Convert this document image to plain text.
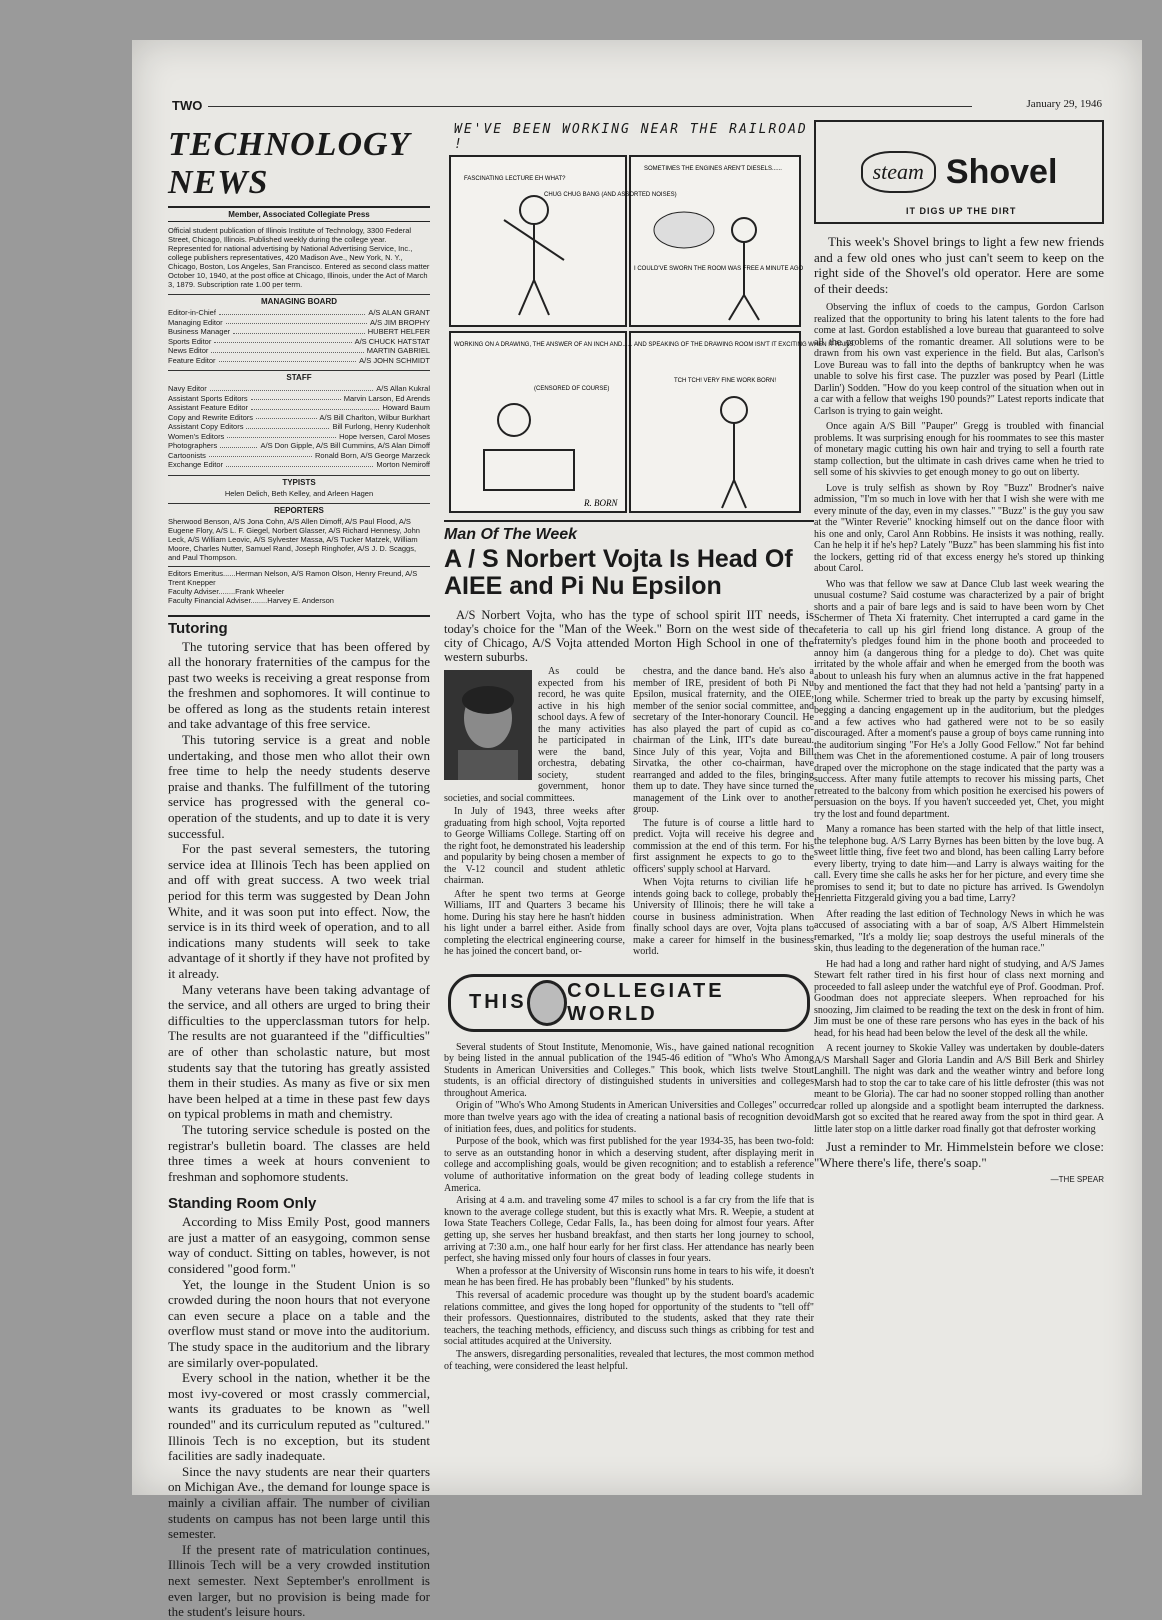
TWO	January 29, 1946
TECHNOLOGY NEWS
Member, Associated Collegiate Press
Official student publication of Illinois Institute of Technology, 3300 Federal Street, Chicago, Illinois. Published weekly during the college year. Represented for national advertising by National Advertising Service, Inc., college publishers representatives, 420 Madison Ave., New York, N. Y., Chicago, Boston, Los Angeles, San Francisco. Entered as second class matter October 10, 1940, at the post office at Chicago, Illinois, under the Act of March 3, 1879. Subscription rate 1.00 per term.
MANAGING BOARD
Editor-in-Chief	A/S ALAN GRANT
Managing Editor	A/S JIM BROPHY
Business Manager	HUBERT HELFER
Sports Editor	A/S CHUCK HATSTAT
News Editor	MARTIN GABRIEL
Feature Editor	A/S JOHN SCHMIDT
STAFF
Navy Editor	A/S Allan Kukral
Assistant Sports Editors	Marvin Larson, Ed Arends
Assistant Feature Editor	Howard Baum
Copy and Rewrite Editors	A/S Bill Charlton, Wilbur Burkhart
Assistant Copy Editors	Bill Furlong, Henry Kudenholt
Women's Editors	Hope Iversen, Carol Moses
Photographers	A/S Don Gipple, A/S Bill Cummins, A/S Alan Dimoff
Cartoonists	Ronald Born, A/S George Marzeck
Exchange Editor	Morton Nemiroff
TYPISTS
Helen Delich, Beth Kelley, and Arleen Hagen
REPORTERS
Sherwood Benson, A/S Jona Cohn, A/S Allen Dimoff, A/S Paul Flood, A/S Eugene Flory, A/S L. F. Giegel, Norbert Glasser, A/S Richard Hennesy, John Leck, A/S William Leovic, A/S Sylvester Massa, A/S Tucker Matzek, William Moore, Charles Nutter, Samuel Rand, Joseph Ringhofer, A/S J. D. Scaggs, and Paul Thompson.
Editors Emeritus......Herman Nelson, A/S Ramon Olson, Henry Freund, A/S Trent Knepper
Faculty Adviser........Frank Wheeler
Faculty Financial Adviser........Harvey E. Anderson
Tutoring

The tutoring service that has been offered by all the honorary fraternities of the campus for the past two weeks is receiving a great response from the freshmen and sophomores. It will continue to be offered as long as the students retain interest and take advantage of this free service.

This tutoring service is a great and noble undertaking, and those men who allot their own free time to help the needy students deserve praise and thanks. The fulfillment of the tutoring service has progressed with the general co-operation of the students, and up to date it is very successful.

For the past several semesters, the tutoring service idea at Illinois Tech has been applied on and off with great success. A two week trial period for this term was suggested by Dean John White, and it was soon put into effect. Now, the service is in its third week of operation, and to all indications many students will seek to take advantage of it shortly if they have not profited by it already.

Many veterans have been taking advantage of the service, and all others are urged to bring their difficulties to the upperclassman tutors for help. The results are not guaranteed if the "difficulties" are of other than scholastic nature, but most students say that the tutoring has greatly assisted them in their studies. As many as five or six men have been helped at a time in these past few days on typical problems in math and chemistry.

The tutoring service schedule is posted on the registrar's bulletin board. The classes are held three times a week at hours convenient to freshman and sophomore students.

Standing Room Only

According to Miss Emily Post, good manners are just a matter of an easygoing, common sense way of conduct. Sitting on tables, however, is not considered "good form."

Yet, the lounge in the Student Union is so crowded during the noon hours that not everyone can even secure a place on a table and the overflow must stand or move into the auditorium. The study space in the auditorium and the library are similarly over-populated.

Every school in the nation, whether it be the most ivy-covered or most crassly commercial, wants its graduates to be known as "well rounded" and its curriculum reputed as "cultured." Illinois Tech is no exception, but its student facilities are sadly inadequate.

Since the navy students are near their quarters on Michigan Ave., the demand for lounge space is mainly a civilian affair. The number of civilian students on campus has not been large until this semester.

If the present rate of matriculation continues, Illinois Tech will be a very crowded institution next semester. Next September's enrollment is even larger, but no provision is being made for the student's leisure hours.

FASCINATING LECTURE EH WHAT?
CHUG CHUG BANG (AND ASSORTED NOISES)
SOMETIMES THE ENGINES AREN'T DIESELS......
I COULD'VE SWORN THE ROOM WAS FREE A MINUTE AGO
WORKING ON A DRAWING, THE ANSWER OF AN INCH AND......
(CENSORED OF COURSE)
AND SPEAKING OF THE DRAWING ROOM ISN'T IT EXCITING WHEN IT RAINS.
TCH TCH! VERY FINE WORK BORN!
R. BORN
WE'VE BEEN WORKING NEAR THE RAILROAD !
Man Of The Week
A / S Norbert Vojta Is Head Of AIEE and Pi Nu Epsilon
A/S Norbert Vojta, who has the type of school spirit IIT needs, is today's choice for the "Man of the Week." Born on the west side of the city of Chicago, A/S Vojta attended Morton High School in one of the western suburbs.

As could be expected from his record, he was quite active in his high school days. A few of the many activities he participated in were the band, orchestra, debating society, student government, honor societies, and social committees.

In July of 1943, three weeks after graduating from high school, Vojta reported to George Williams College. Starting off on the right foot, he demonstrated his leadership and popularity by being chosen a member of the V-12 council and student athletic chairman.

After he spent two terms at George Williams, IIT and Quarters 3 became his home. During his stay here he hasn't hidden his light under a barrel either. Aside from completing the electrical engineering course, he has joined the concert band, or-

chestra, and the dance band. He's also a member of IRE, president of both Pi Nu Epsilon, musical fraternity, and the OIEE, member of the senior social committee, and secretary of the Inter-honorary Council. He has also played the part of cupid as co-chairman of the Link, IIT's date bureau. Since July of this year, Vojta and Bill Sirvatka, the other co-chairman, have rearranged and added to the files, bringing them up to date. They have since turned the management of the Link over to another group.

The future is of course a little hard to predict. Vojta will receive his degree and commission at the end of this term. For his first assignment he expects to go to the officers' supply school at Harvard.

When Vojta returns to civilian life he intends going back to college, probably the University of Illinois; there he will take a course in business administration. When finally school days are over, Vojta plans to make a career for himself in the business world.

THIS
COLLEGIATE WORLD

Several students of Stout Institute, Menomonie, Wis., have gained national recognition by being listed in the annual publication of the 1945-46 edition of "Who's Who Among Students in American Universities and Colleges." This book, which lists twelve Stout students, is an official directory of distinguished students in universities and colleges throughout America.

Origin of "Who's Who Among Students in American Universities and Colleges" occurred more than twelve years ago with the idea of creating a national basis of recognition devoid of initiation fees, dues, and politics for students.

Purpose of the book, which was first published for the year 1934-35, has been two-fold: to serve as an outstanding honor in which a deserving student, after displaying merit in college and accomplishing goals, would be given recognition; and to establish a reference volume of authoritative information on the great body of leading college students in America.

Arising at 4 a.m. and traveling some 47 miles to school is a far cry from the life that is known to the average college student, but this is exactly what Mrs. R. Weepie, a student at Iowa State Teachers College, Cedar Falls, Ia., has been doing for almost four years. After getting up, she serves her husband breakfast, and then starts her long journey to school, arriving at 7:30 a.m., one half hour early for her first class. Her attendance has nearly been perfect, she having missed only four hours of classes in four years.

When a professor at the University of Wisconsin runs home in tears to his wife, it doesn't mean he has been fired. He has probably been "flunked" by his students.

This reversal of academic procedure was thought up by the student board's academic relations committee, and gives the long hoped for opportunity of the students to "tell off" their professors. Questionnaires, distributed to the students, asked that they rate their teachers, the teaching methods, efficiency, and discuss such things as cribbing for test and social attitudes acquired at the University.

The answers, disregarding personalities, revealed that lectures, the most common method of teaching, were considered the least helpful.

steam Shovel
IT DIGS UP THE DIRT
This week's Shovel brings to light a few new friends and a few old ones who just can't seem to keep on the right side of the Shovel's old operator. Here are some of their deeds:

Observing the influx of coeds to the campus, Gordon Carlson realized that the opportunity to bring his latent talents to the fore had come at last. Gordon established a love bureau that guaranteed to solve all the problems of the romantic dreamer. All solutions were to be drawn from his own vast experience in the field. But alas, Carlson's Love Bureau was to fall into the depths of bankruptcy when he was unable to solve his first case. The puzzler was posed by Pearl (Little Darlin') Sodden. "How do you keep control of the situation when out in a car with a fellow that weighs 190 pounds?" Latest reports indicate that Carlson is trying to gain weight.

Once again A/S Bill "Pauper" Gregg is troubled with financial problems. It was surprising enough for his roommates to see this master of monetary magic cutting his own hair and trying to sell a fourth rate stamp collection, but the ultimate in cash drives came when he tried to sell some of his skivvies to get enough money to go out on liberty.

Love is truly selfish as shown by Roy "Buzz" Brodner's naive admission, "I'm so much in love with her that I wish she were with me every minute of the day, even in my classes." "Buzz" is the guy you saw at the "Winter Reverie" knocking himself out on the dance floor with his one and only, Carol Ann Robbins. He insists it was nothing, really. Can he help it if he's hep? Lately "Buzz" has been slamming his fist into the lockers, getting rid of that excess energy he's stored up thinking about Carol.

Who was that fellow we saw at Dance Club last week wearing the unusual costume? Said costume was characterized by a pair of bright shorts and a pair of bare legs and is said to have been worn by Chet Schermer of Theta Xi fraternity. Chet interrupted a card game in the cafeteria to call up his girl friend long distance. A group of the fraternity's pledges found him in the phone booth and proceeded to annoy him (a dangerous thing for a pledge to do). Chet was quite irritated by the whole affair and when he emerged from the booth was about to unleash his fury when an alumnus active in the frat happened by and mentioned the fact that they had not held a 'pantsing' party in a long while. Schermer tried to break up the party by excusing himself, begging a dancing engagement up in the auditorium, but the pledges and a few actives who had gathered were not to be so easily discouraged. After a moment's pause a group of boys came running into the auditorium singing "For He's a Jolly Good Fellow." Not far behind them was Chet in the aforementioned costume. A pair of long trousers draped over the microphone on the stage indicated that the party was a success. After many futile attempts to recover his missing parts, Chet retreated to the balcony from which position he exercised his powers of persuasion on the boys. If you haven't succeeded yet, Chet, you might try the lost and found department.

Many a romance has been started with the help of that little insect, the telephone bug. A/S Larry Byrnes has been bitten by the love bug. A sweet little thing, five feet two and blond, has been calling Larry before every liberty, trying to date him—and Larry is always waiting for the call. Every time she calls he asks her for her picture, and every time she promises to send it; but to date no picture has arrived. Is Gwendolyn Henrietta Fitzgerald giving you a bad time, Larry?

After reading the last edition of Technology News in which he was accused of associating with a bar of soap, A/S Albert Himmelstein remarked, "It's a moldy lie; soap destroys the useful minerals of the skin, thus leading to the degeneration of the human race."

He had had a long and rather hard night of studying, and A/S James Stewart felt rather tired in his first hour of class next morning and proceeded to fall asleep under the watchful eye of Prof. Goodman. Prof. Goodman does not appreciate sleepers. When reproached for his snoozing, Jim claimed to be reading the text on the desk in front of him. Jim must be one of these rare persons who has eyes in the back of his head, for his head had been below the level of the desk all the while.

A recent journey to Skokie Valley was undertaken by double-daters A/S Marshall Sager and Gloria Landin and A/S Bill Berk and Shirley Langhill. The night was dark and the weather wintry and before long Marsh had to stop the car to take care of his little defroster (this was not meant to be Gloria). The car had no sooner stopped rolling than another car rolled up alongside and a spotlight beam interrupted the darkness. Marsh got so excited that he reared away from the spot in third gear. A little later stop on a little darker road finally got that defroster working

Just a reminder to Mr. Himmelstein before we close: "Where there's life, there's soap."

—THE SPEAR
